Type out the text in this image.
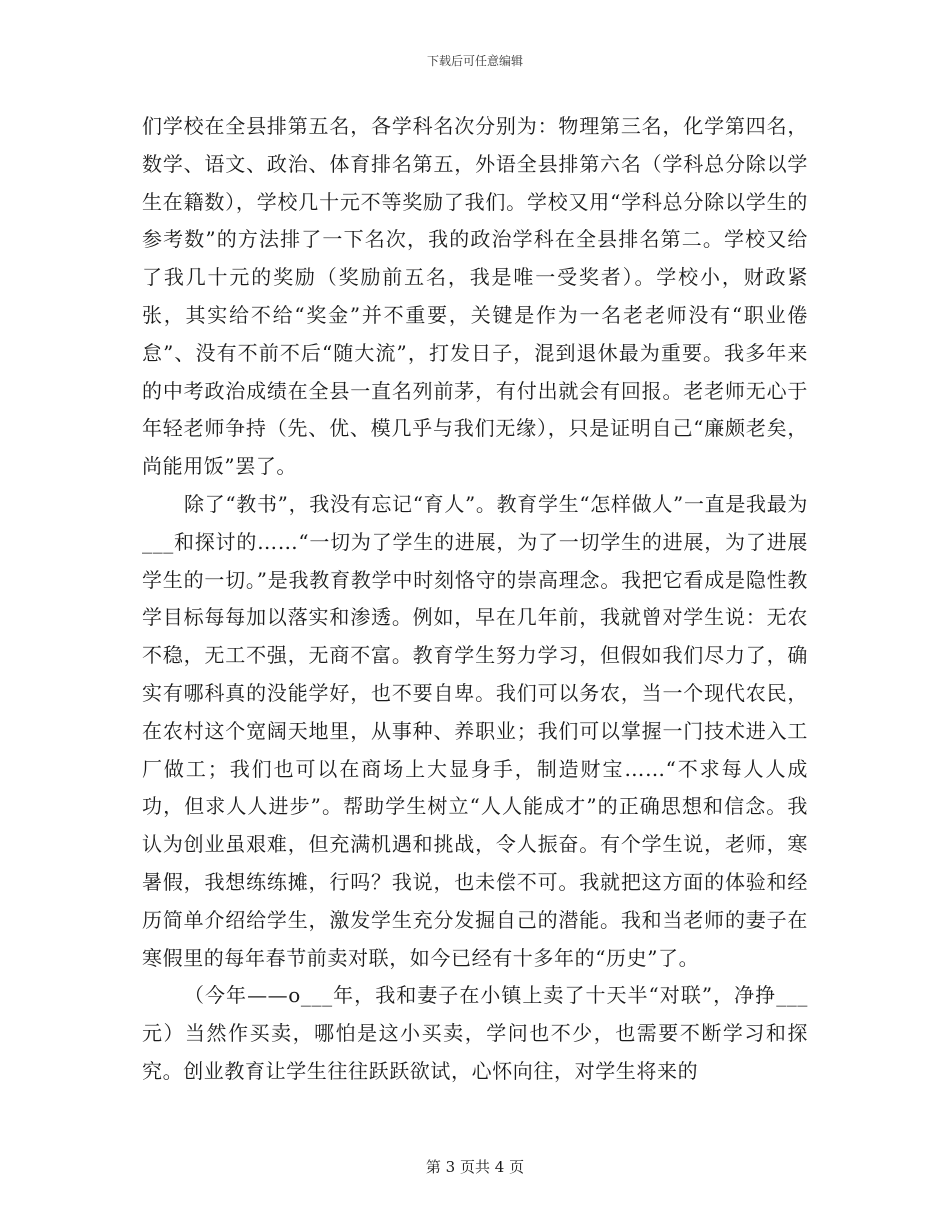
下载后可任意编辑

们学校在全县排第五名，各学科名次分别为：物理第三名，化学第四名，数学、语文、政治、体育排名第五，外语全县排第六名（学科总分除以学生在籍数），学校几十元不等奖励了我们。学校又用“学科总分除以学生的参考数”的方法排了一下名次，我的政治学科在全县排名第二。学校又给了我几十元的奖励（奖励前五名，我是唯一受奖者）。学校小，财政紧张，其实给不给“奖金”并不重要，关键是作为一名老老师没有“职业倦怠”、没有不前不后“随大流”，打发日子，混到退休最为重要。我多年来的中考政治成绩在全县一直名列前茅，有付出就会有回报。老老师无心于年轻老师争持（先、优、模几乎与我们无缘），只是证明自己“廉颇老矣，尚能用饭”罢了。

除了“教书”，我没有忘记“育人”。教育学生“怎样做人”一直是我最为___和探讨的……“一切为了学生的进展，为了一切学生的进展，为了进展学生的一切。”是我教育教学中时刻恪守的崇高理念。我把它看成是隐性教学目标每每加以落实和渗透。例如，早在几年前，我就曾对学生说：无农不稳，无工不强，无商不富。教育学生努力学习，但假如我们尽力了，确实有哪科真的没能学好，也不要自卑。我们可以务农，当一个现代农民，在农村这个宽阔天地里，从事种、养职业；我们可以掌握一门技术进入工厂做工；我们也可以在商场上大显身手，制造财宝……“不求每人人成功，但求人人进步”。帮助学生树立“人人能成才”的正确思想和信念。我认为创业虽艰难，但充满机遇和挑战，令人振奋。有个学生说，老师，寒暑假，我想练练摊，行吗？我说，也未偿不可。我就把这方面的体验和经历简单介绍给学生，激发学生充分发掘自己的潜能。我和当老师的妻子在寒假里的每年春节前卖对联，如今已经有十多年的“历史”了。

（今年——o___年，我和妻子在小镇上卖了十天半“对联”，净挣___元）当然作买卖，哪怕是这小买卖，学问也不少，也需要不断学习和探究。创业教育让学生往往跃跃欲试，心怀向往，对学生将来的

第 3 页共 4 页
